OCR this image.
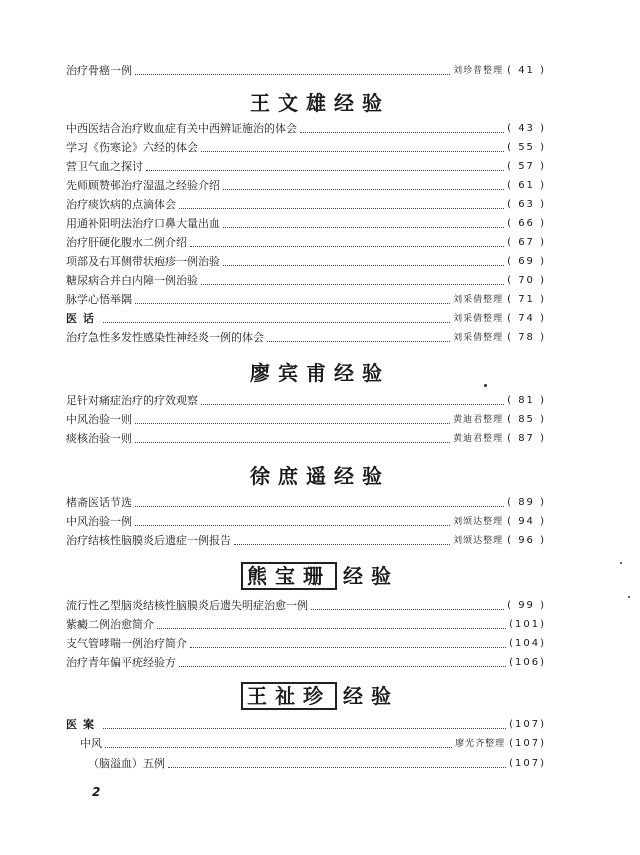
治疗骨癌一例	刘珍普整理 ( 41 )
王文雄经验
中西医结合治疗败血症有关中西辨证施治的体会	( 43 )
学习《伤寒论》六经的体会	( 55 )
营卫气血之探讨	( 57 )
先师顾赞邨治疗湿温之经验介绍	( 61 )
治疗痰饮病的点滴体会	( 63 )
用通补阳明法治疗口鼻大量出血	( 66 )
治疗肝硬化腹水二例介绍	( 67 )
项部及右耳侧带状疱疹一例治验	( 69 )
糖尿病合并白内障一例治验	( 70 )
脉学心悟举隅	刘采倩整理 ( 71 )
医话	刘采倩整理 ( 74 )
治疗急性多发性感染性神经炎一例的体会	刘采倩整理 ( 78 )
廖宾甫经验
足针对痛症治疗的疗效观察	( 81 )
中风治验一则	黄迪君整理 ( 85 )
痰核治验一则	黄迪君整理 ( 87 )
徐庶遥经验
楮斋医话节选	( 89 )
中风治验一例	刘颂达整理 ( 94 )
治疗结核性脑膜炎后遗症一例报告	刘颂达整理 ( 96 )
熊宝珊 经验
流行性乙型脑炎结核性脑膜炎后遗失明症治愈一例	( 99 )
紫癜二例治愈简介	(101)
支气管哮喘一例治疗简介	(104)
治疗青年偏平疣经验方	(106)
王祉珍 经验
医案	(107)
中风	廖光齐整理 (107)
（脑溢血）五例	(107)
2
